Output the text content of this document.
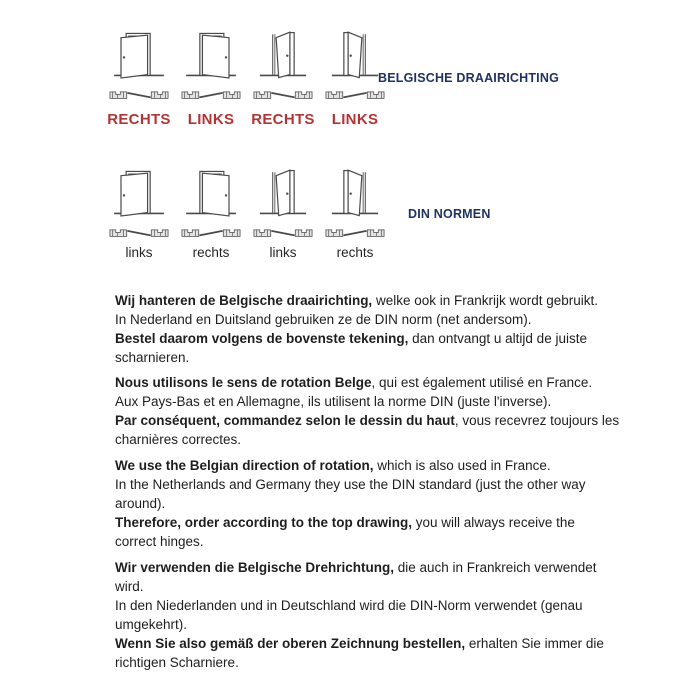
RECHTS LINKS RECHTS LINKS
BELGISCHE DRAAIRICHTING
links	rechts	links	rechts
DIN NORMEN
Wij hanteren de Belgische draairichting, welke ook in Frankrijk wordt gebruikt.
In Nederland en Duitsland gebruiken ze de DIN norm (net andersom).
Bestel daarom volgens de bovenste tekening, dan ontvangt u altijd de juiste
scharnieren.
Nous utilisons le sens de rotation Belge, qui est également utilisé en France.
Aux Pays-Bas et en Allemagne, ils utilisent la norme DIN (juste l'inverse).
Par conséquent, commandez selon le dessin du haut, vous recevrez toujours les
charnières correctes.
We use the Belgian direction of rotation, which is also used in France.
In the Netherlands and Germany they use the DIN standard (just the other way
around).
Therefore, order according to the top drawing, you will always receive the
correct hinges.
Wir verwenden die Belgische Drehrichtung, die auch in Frankreich verwendet
wird.
In den Niederlanden und in Deutschland wird die DIN-Norm verwendet (genau
umgekehrt).
Wenn Sie also gemäß der oberen Zeichnung bestellen, erhalten Sie immer die
richtigen Scharniere.
